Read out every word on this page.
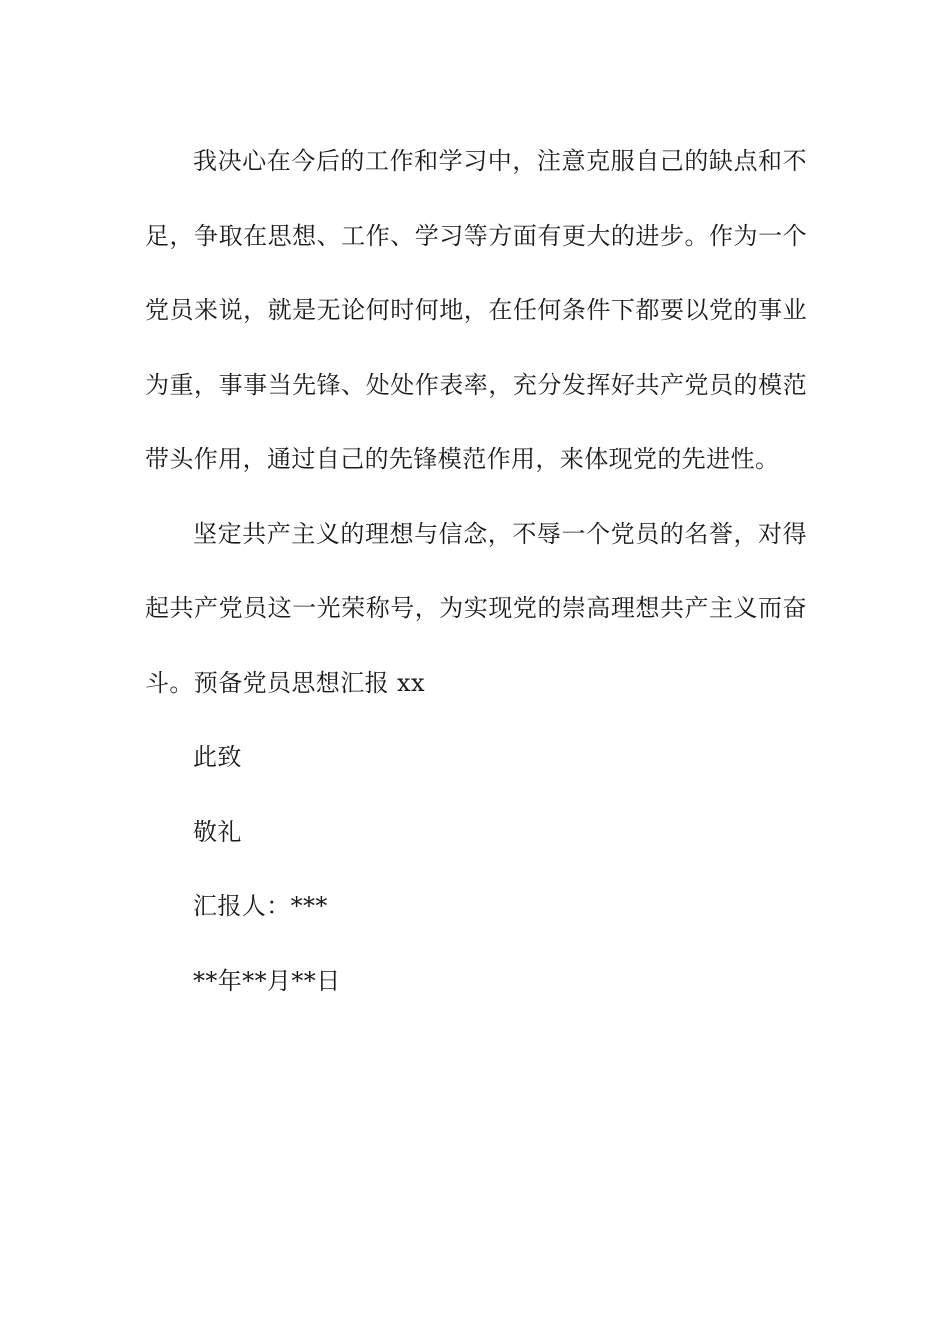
我决心在今后的工作和学习中，注意克服自己的缺点和不足，争取在思想、工作、学习等方面有更大的进步。作为一个党员来说，就是无论何时何地，在任何条件下都要以党的事业为重，事事当先锋、处处作表率，充分发挥好共产党员的模范带头作用，通过自己的先锋模范作用，来体现党的先进性。

坚定共产主义的理想与信念，不辱一个党员的名誉，对得起共产党员这一光荣称号，为实现党的崇高理想共产主义而奋斗。预备党员思想汇报 xx

此致

敬礼

汇报人：***

**年**月**日
